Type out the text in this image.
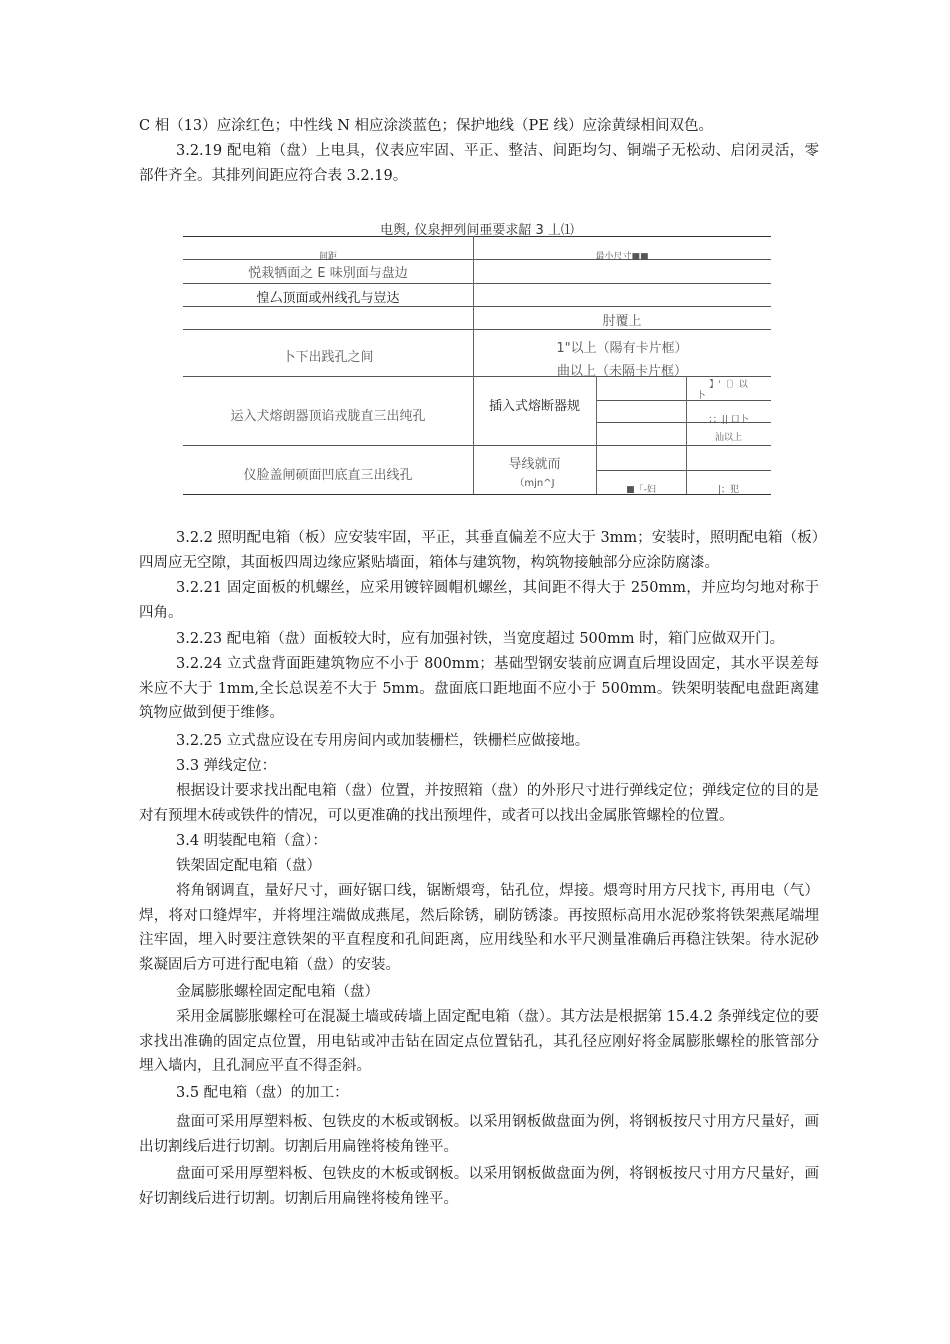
C 相（13）应涂红色；中性线 N 相应涂淡蓝色；保护地线（PE 线）应涂黄绿相间双色。

3.2.19 配电箱（盘）上电具，仪表应牢固、平正、整洁、间距均匀、铜端子无松动、启闭灵活，零部件齐全。其排列间距应符合表 3.2.19。

电舆, 仪泉押列间亜要求龆 3 丄⑴
间距	最小尺寸■■
悦栽牺面之 E 味別面与盘边
惶厶顶面或州线孔与豈达
肘覆上
卜下出践孔之间
1"以上（陽有卡片框）
曲以上（未隔卡片框）
运入犬熔朗器顶谄戎胧直三出纯孔
插入式熔断器规
】'〔〕以
卜
；；|| 口卜
汕以上
仪脸盖闸硕面凹底直三出线孔
导线就而
（mjn^J
■「-妇	|；犯

3.2.2 照明配电箱（板）应安装牢固，平正，其垂直偏差不应大于 3mm；安装时，照明配电箱（板）四周应无空隙，其面板四周边缘应紧贴墙面，箱体与建筑物，构筑物接触部分应涂防腐漆。

3.2.21 固定面板的机螺丝，应采用镀锌圆帽机螺丝，其间距不得大于 250mm，并应均匀地对称于四角。

3.2.23 配电箱（盘）面板较大时，应有加强衬铁，当宽度超过 500mm 时，箱门应做双开门。

3.2.24 立式盘背面距建筑物应不小于 800mm；基础型钢安装前应调直后埋设固定，其水平误差每米应不大于 1mm,全长总误差不大于 5mm。盘面底口距地面不应小于 500mm。铁架明装配电盘距离建筑物应做到便于维修。

3.2.25 立式盘应设在专用房间内或加装栅栏，铁栅栏应做接地。

3.3 弹线定位：

根据设计要求找出配电箱（盘）位置，并按照箱（盘）的外形尺寸进行弹线定位；弹线定位的目的是对有预埋木砖或铁件的情况，可以更准确的找出预埋件，或者可以找出金属胀管螺栓的位置。

3.4 明装配电箱（盒）：

铁架固定配电箱（盘）

将角钢调直，量好尺寸，画好锯口线，锯断煨弯，钻孔位，焊接。煨弯时用方尺找卞, 再用电（气）焊，将对口缝焊牢，并将埋注端做成燕尾，然后除锈，刷防锈漆。再按照标高用水泥砂浆将铁架燕尾端埋注牢固，埋入时要注意铁架的平直程度和孔间距离，应用线坠和水平尺测量准确后再稳注铁架。待水泥砂浆凝固后方可进行配电箱（盘）的安装。

金属膨胀螺栓固定配电箱（盘）

采用金属膨胀螺栓可在混凝土墙或砖墙上固定配电箱（盘）。其方法是根据第 15.4.2 条弹线定位的要求找出准确的固定点位置，用电钻或冲击钻在固定点位置钻孔，其孔径应刚好将金属膨胀螺栓的胀管部分埋入墙内，且孔洞应平直不得歪斜。

3.5 配电箱（盘）的加工：

盘面可采用厚塑料板、包铁皮的木板或钢板。以采用钢板做盘面为例，将钢板按尺寸用方尺量好，画出切割线后进行切割。切割后用扁锉将棱角锉平。

盘面可采用厚塑料板、包铁皮的木板或钢板。以采用钢板做盘面为例，将钢板按尺寸用方尺量好，画好切割线后进行切割。切割后用扁锉将棱角锉平。
